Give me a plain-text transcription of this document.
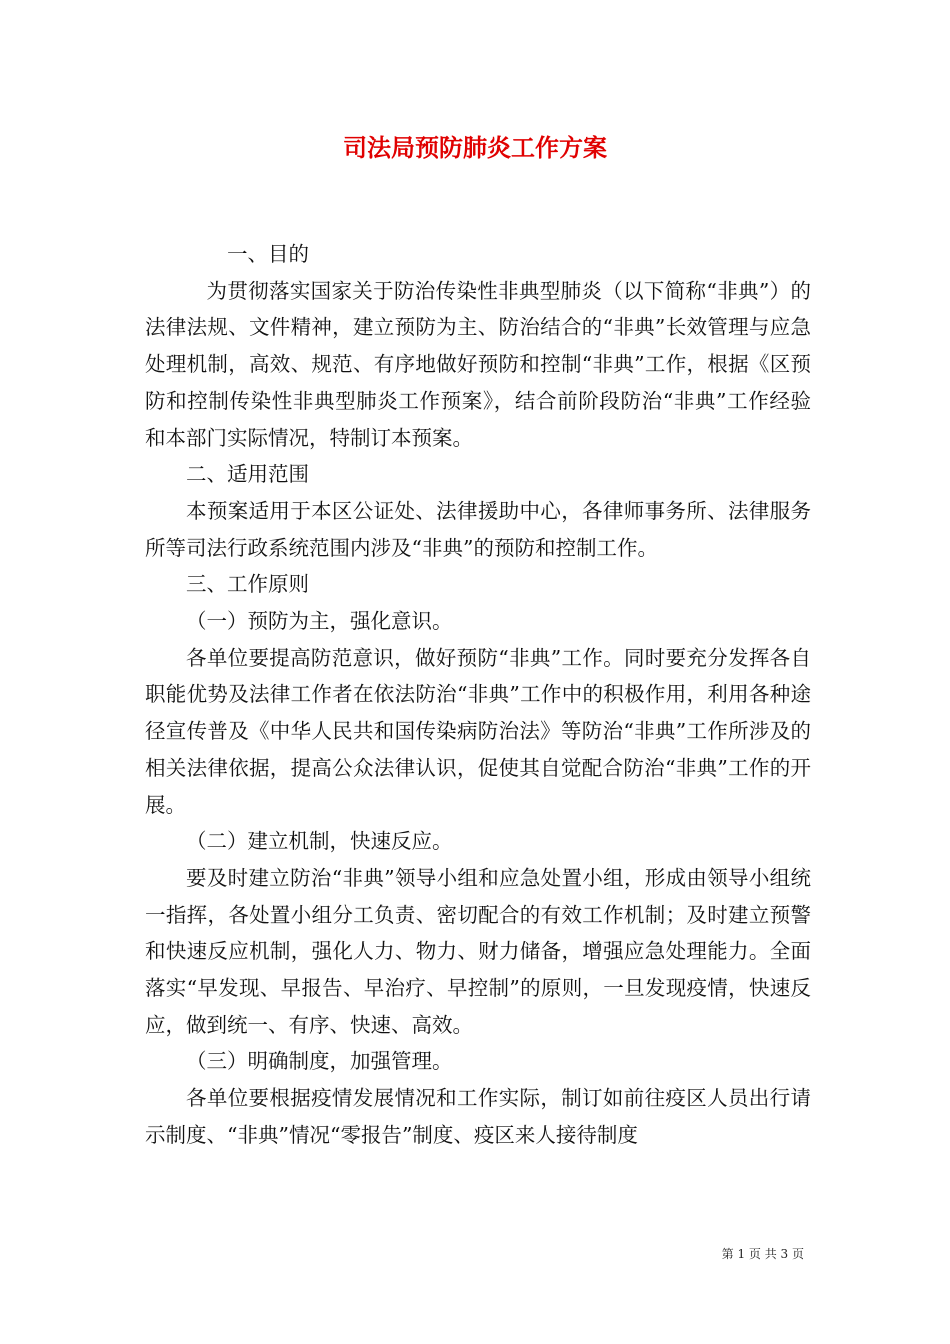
司法局预防肺炎工作方案

一、目的

为贯彻落实国家关于防治传染性非典型肺炎（以下简称“非典”）的法律法规、文件精神，建立预防为主、防治结合的“非典”长效管理与应急处理机制，高效、规范、有序地做好预防和控制“非典”工作，根据《区预防和控制传染性非典型肺炎工作预案》，结合前阶段防治“非典”工作经验和本部门实际情况，特制订本预案。

二、适用范围

本预案适用于本区公证处、法律援助中心，各律师事务所、法律服务所等司法行政系统范围内涉及“非典”的预防和控制工作。

三、工作原则

（一）预防为主，强化意识。

各单位要提高防范意识，做好预防“非典”工作。同时要充分发挥各自职能优势及法律工作者在依法防治“非典”工作中的积极作用，利用各种途径宣传普及《中华人民共和国传染病防治法》等防治“非典”工作所涉及的相关法律依据，提高公众法律认识，促使其自觉配合防治“非典”工作的开展。

（二）建立机制，快速反应。

要及时建立防治“非典”领导小组和应急处置小组，形成由领导小组统一指挥，各处置小组分工负责、密切配合的有效工作机制；及时建立预警和快速反应机制，强化人力、物力、财力储备，增强应急处理能力。全面落实“早发现、早报告、早治疗、早控制”的原则，一旦发现疫情，快速反应，做到统一、有序、快速、高效。

（三）明确制度，加强管理。

各单位要根据疫情发展情况和工作实际，制订如前往疫区人员出行请示制度、“非典”情况“零报告”制度、疫区来人接待制度

第 1 页 共 3 页
